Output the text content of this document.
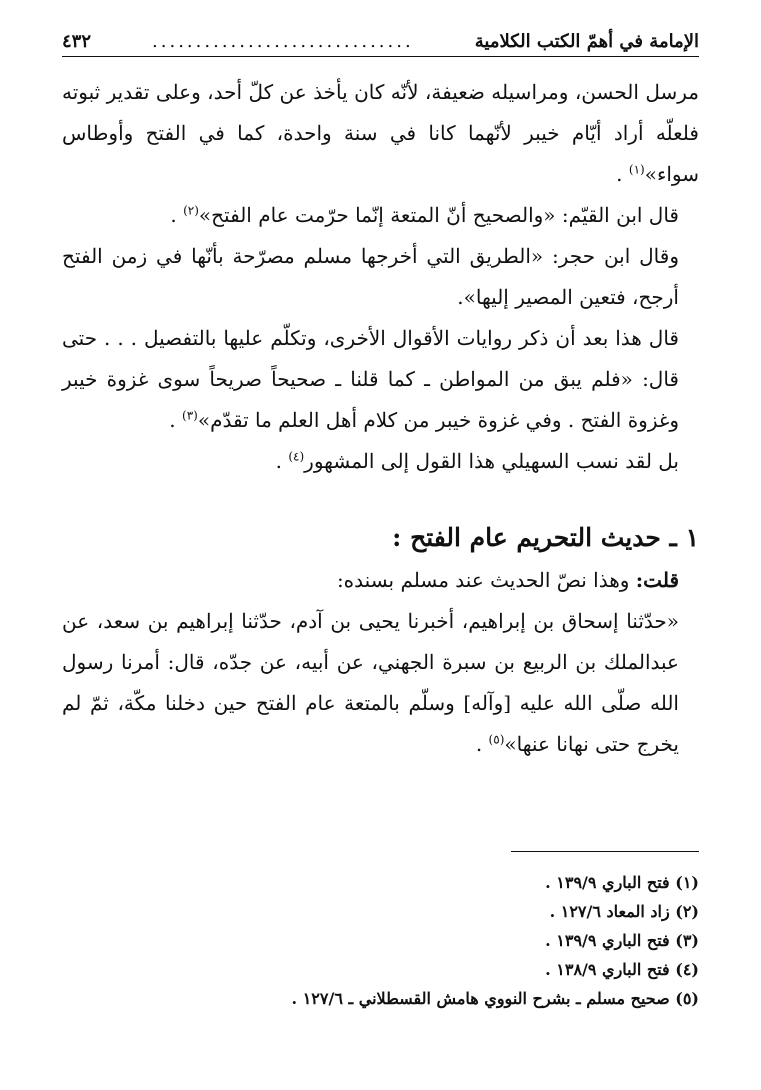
الإمامة في أهمّ الكتب الكلامية
..............................
٤٣٢

مرسل الحسن، ومراسيله ضعيفة، لأنّه كان يأخذ عن كلّ أحد، وعلى تقدير ثبوته فلعلّه أراد أيّام خيبر لأنّهما كانا في سنة واحدة، كما في الفتح وأوطاس سواء»$^{(١)}$ .

قال ابن القيّم: «والصحيح أنّ المتعة إنّما حرّمت عام الفتح»$^{(٢)}$ .

وقال ابن حجر: «الطريق التي أخرجها مسلم مصرّحة بأنّها في زمن الفتح أرجح، فتعين المصير إليها».

قال هذا بعد أن ذكر روايات الأقوال الأخرى، وتكلّم عليها بالتفصيل . . . حتى قال: «فلم يبق من المواطن ـ كما قلنا ـ صحيحاً صريحاً سوى غزوة خيبر وغزوة الفتح . وفي غزوة خيبر من كلام أهل العلم ما تقدّم»$^{(٣)}$ .

بل لقد نسب السهيلي هذا القول إلى المشهور$^{(٤)}$ .

١ ـ حديث التحريم عام الفتح :

قلت: وهذا نصّ الحديث عند مسلم بسنده:

«حدّثنا إسحاق بن إبراهيم، أخبرنا يحيى بن آدم، حدّثنا إبراهيم بن سعد، عن عبدالملك بن الربيع بن سبرة الجهني، عن أبيه، عن جدّه، قال: أمرنا رسول الله صلّى الله عليه [وآله] وسلّم بالمتعة عام الفتح حين دخلنا مكّة، ثمّ لم يخرج حتى نهانا عنها»$^{(٥)}$ .

(١) فتح الباري ١٣٩/٩ .
(٢) زاد المعاد ١٢٧/٦ .
(٣) فتح الباري ١٣٩/٩ .
(٤) فتح الباري ١٣٨/٩ .
(٥) صحيح مسلم ـ بشرح النووي هامش القسطلاني ـ ١٢٧/٦ .
